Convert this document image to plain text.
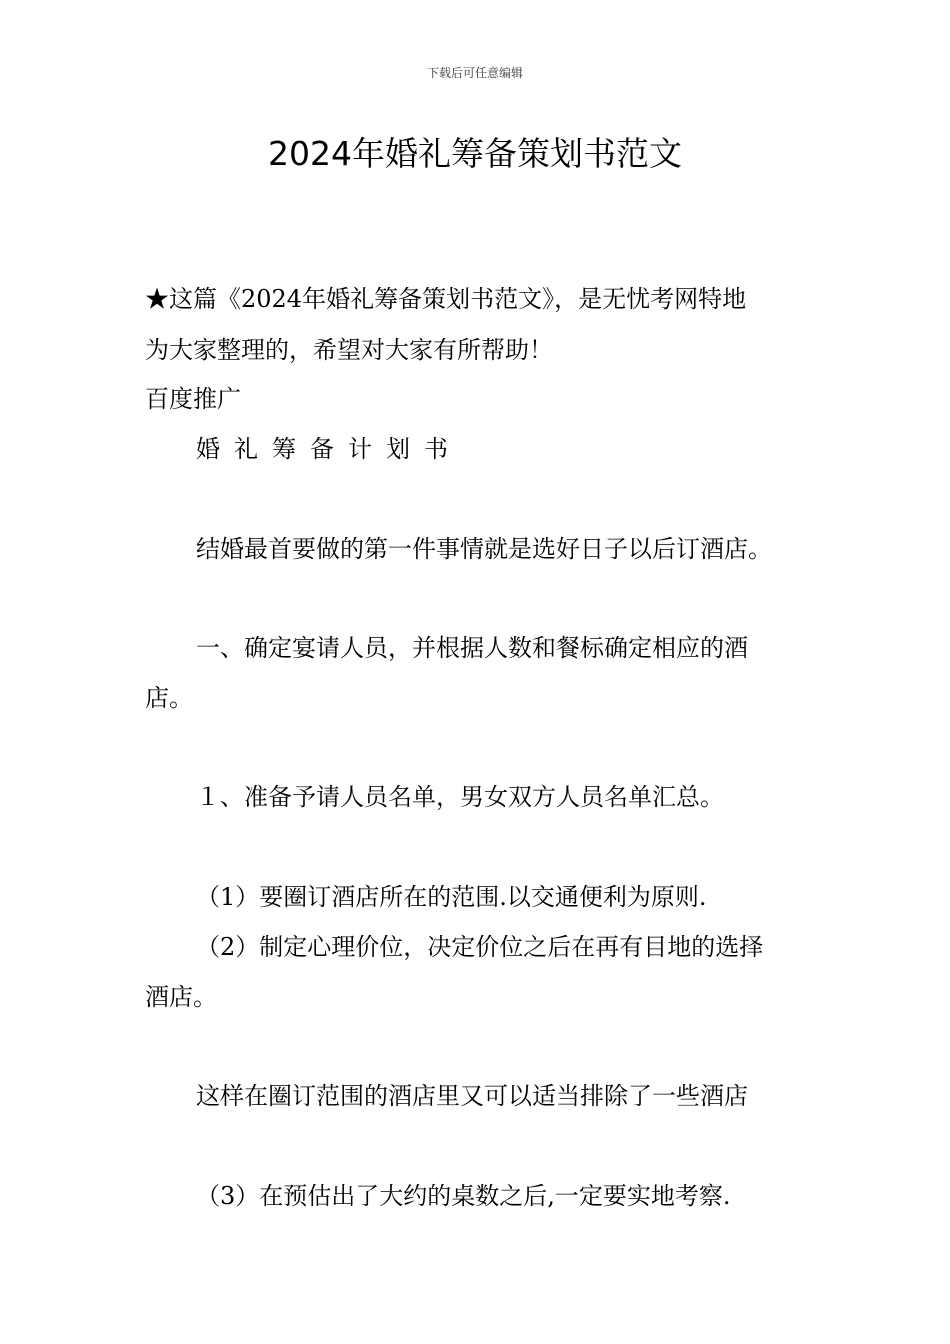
下载后可任意编辑
2024年婚礼筹备策划书范文
★这篇《2024年婚礼筹备策划书范文》，是无忧考网特地
为大家整理的，希望对大家有所帮助！
百度推广
婚礼筹备计划书
结婚最首要做的第一件事情就是选好日子以后订酒店。
一、确定宴请人员，并根据人数和餐标确定相应的酒
店。
１、准备予请人员名单，男女双方人员名单汇总。
（1）要圈订酒店所在的范围.以交通便利为原则.
（2）制定心理价位，决定价位之后在再有目地的选择
酒店。
这样在圈订范围的酒店里又可以适当排除了一些酒店
（3）在预估出了大约的桌数之后,一定要实地考察.
